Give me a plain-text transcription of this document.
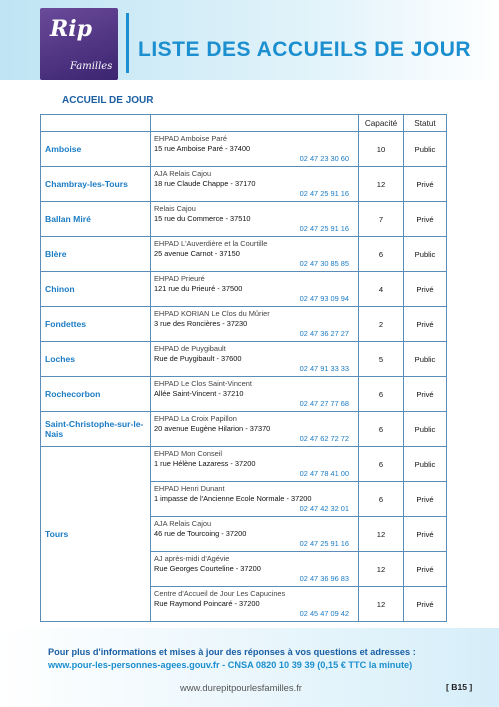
Rip
Familles
LISTE DES ACCUEILS DE JOUR
ACCUEIL DE JOUR
		Capacité	Statut
Amboise	EHPAD Amboise Paré
15 rue Amboise Paré - 37400
02 47 23 30 60	10	Public
Chambray-les-Tours	AJA Relais Cajou
18 rue Claude Chappe - 37170
02 47 25 91 16	12	Privé
Ballan Miré	Relais Cajou
15 rue du Commerce - 37510
02 47 25 91 16	7	Privé
Blère	EHPAD L'Auverdière et la Courtille
25 avenue Carnot - 37150
02 47 30 85 85	6	Public
Chinon	EHPAD Prieuré
121 rue du Prieuré - 37500
02 47 93 09 94	4	Privé
Fondettes	EHPAD KORIAN Le Clos du Mûrier
3 rue des Roncières - 37230
02 47 36 27 27	2	Privé
Loches	EHPAD de Puygibault
Rue de Puygibault - 37600
02 47 91 33 33	5	Public
Rochecorbon	EHPAD Le Clos Saint-Vincent
Allée Saint-Vincent - 37210
02 47 27 77 68	6	Privé
Saint-Christophe-sur-le-Nais	EHPAD La Croix Papillon
20 avenue Eugène Hilarion - 37370
02 47 62 72 72	6	Public
Tours	EHPAD Mon Conseil
1 rue Hélène Lazaress - 37200
02 47 78 41 00	6	Public

	EHPAD Henri Dunant
1 impasse de l'Ancienne Ecole Normale - 37200
02 47 42 32 01	6	Privé

	AJA Relais Cajou
46 rue de Tourcoing - 37200
02 47 25 91 16	12	Privé

	AJ après-midi d'Agévie
Rue Georges Courteline - 37200
02 47 36 96 83	12	Privé

	Centre d'Accueil de Jour Les Capucines
Rue Raymond Poincaré - 37200
02 45 47 09 42	12	Privé
Pour plus d'informations et mises à jour des réponses à vos questions et adresses :
www.pour-les-personnes-agees.gouv.fr - CNSA 0820 10 39 39 (0,15 € TTC la minute)
www.durepitpourlesfamilles.fr	[ B15 ]
